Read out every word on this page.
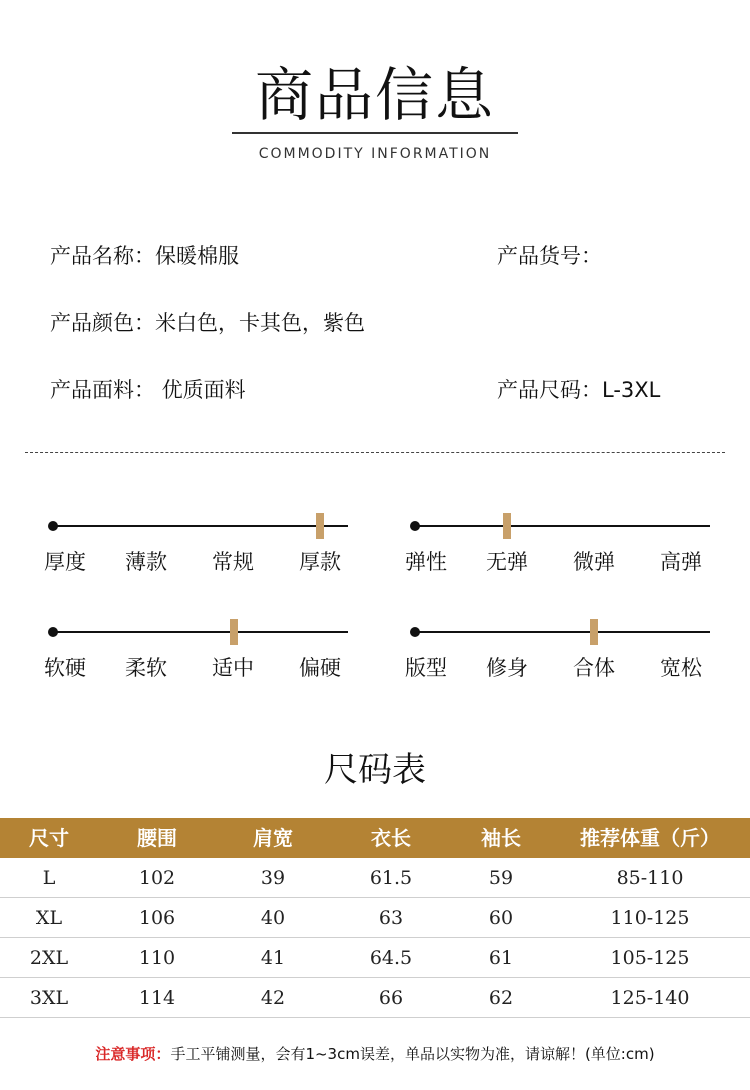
商品信息
COMMODITY INFORMATION
产品名称：保暖棉服	产品货号：
产品颜色：米白色，卡其色，紫色
产品面料： 优质面料	产品尺码：L-3XL
厚度 薄款 常规 厚款	弹性 无弹 微弹 高弹
软硬 柔软 适中 偏硬	版型 修身 合体 宽松
尺码表
尺寸	腰围	肩宽	衣长	袖长	推荐体重（斤）
L	102	39	61.5	59	85-110
XL	106	40	63	60	110-125
2XL	110	41	64.5	61	105-125
3XL	114	42	66	62	125-140
注意事项：手工平铺测量，会有1~3cm误差，单品以实物为准，请谅解！(单位:cm)
